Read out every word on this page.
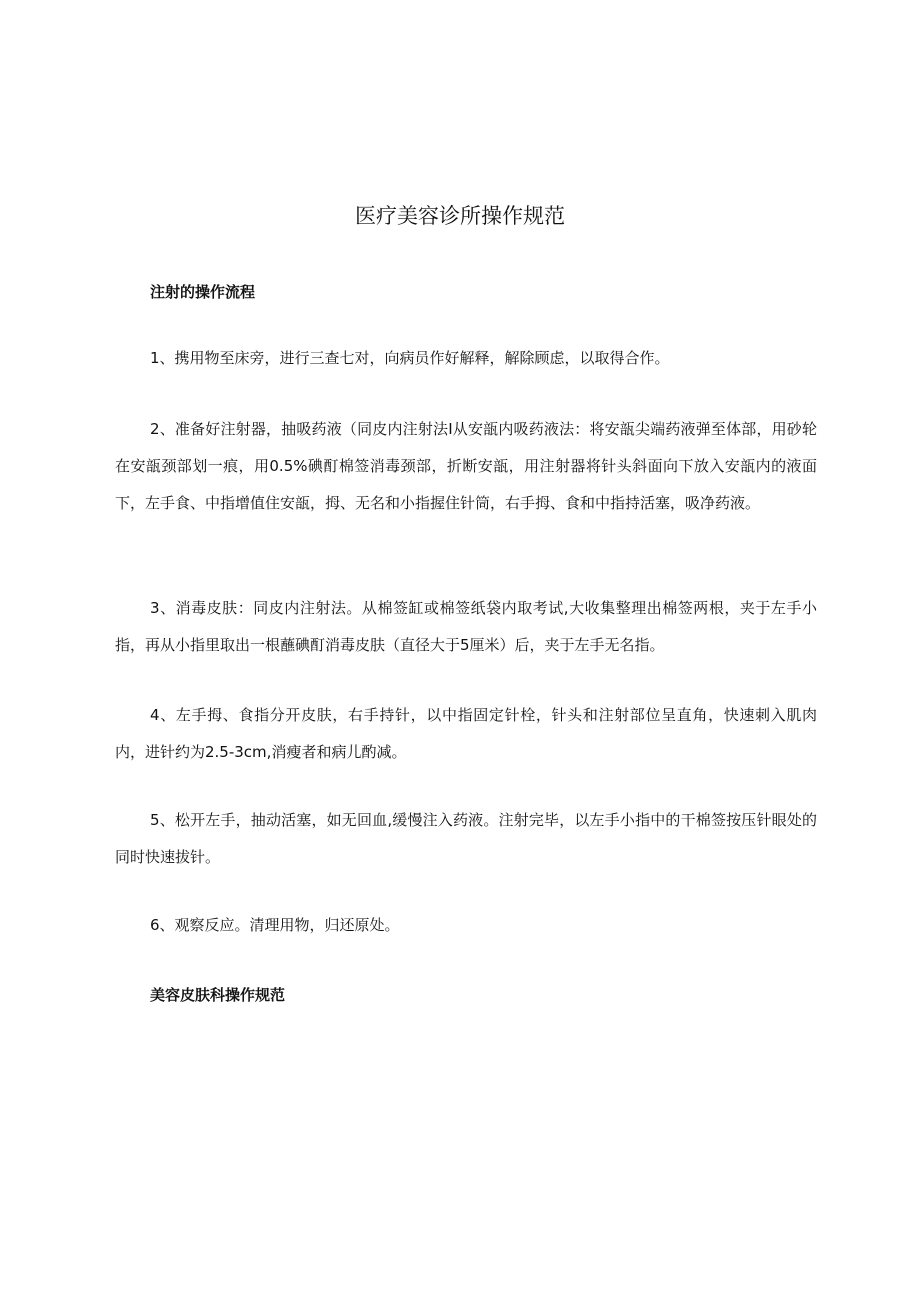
医疗美容诊所操作规范
注射的操作流程

1、携用物至床旁，进行三查七对，向病员作好解释，解除顾虑，以取得合作。

2、准备好注射器，抽吸药液（同皮内注射法I从安瓿内吸药液法：将安瓿尖端药液弹至体部，用砂轮在安瓿颈部划一痕，用0.5%碘酊棉签消毒颈部，折断安瓿，用注射器将针头斜面向下放入安瓿内的液面下，左手食、中指增值住安瓿，拇、无名和小指握住针筒，右手拇、食和中指持活塞，吸净药液。

3、消毒皮肤：同皮内注射法。从棉签缸或棉签纸袋内取考试,大收集整理出棉签两根，夹于左手小指，再从小指里取出一根蘸碘酊消毒皮肤（直径大于5厘米）后，夹于左手无名指。

4、左手拇、食指分开皮肤，右手持针，以中指固定针栓，针头和注射部位呈直角，快速刺入肌肉内，进针约为2.5-3cm,消瘦者和病儿酌减。

5、松开左手，抽动活塞，如无回血,缓慢注入药液。注射完毕，以左手小指中的干棉签按压针眼处的同时快速拔针。

6、观察反应。清理用物，归还原处。

美容皮肤科操作规范
